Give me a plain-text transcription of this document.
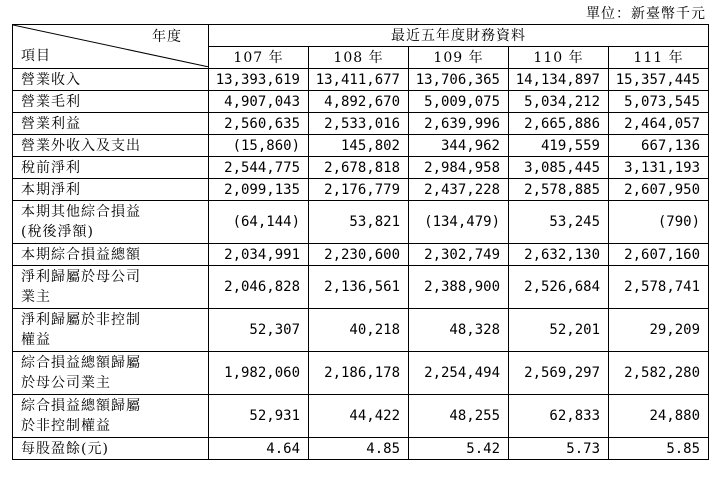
單位：新臺幣千元
年度
項目	最近五年度財務資料				
	107 年	108 年	109 年	110 年	111 年

營業收入	13,393,619	13,411,677	13,706,365	14,134,897	15,357,445

營業毛利	4,907,043	4,892,670	5,009,075	5,034,212	5,073,545

營業利益	2,560,635	2,533,016	2,639,996	2,665,886	2,464,057

營業外收入及支出	(15,860)	145,802	344,962	419,559	667,136

稅前淨利	2,544,775	2,678,818	2,984,958	3,085,445	3,131,193

本期淨利	2,099,135	2,176,779	2,437,228	2,578,885	2,607,950

本期其他綜合損益
(稅後淨額)	(64,144)	53,821	(134,479)	53,245	(790)

本期綜合損益總額	2,034,991	2,230,600	2,302,749	2,632,130	2,607,160

淨利歸屬於母公司
業主	2,046,828	2,136,561	2,388,900	2,526,684	2,578,741

淨利歸屬於非控制
權益	52,307	40,218	48,328	52,201	29,209

綜合損益總額歸屬
於母公司業主	1,982,060	2,186,178	2,254,494	2,569,297	2,582,280

綜合損益總額歸屬
於非控制權益	52,931	44,422	48,255	62,833	24,880

每股盈餘(元)	4.64	4.85	5.42	5.73	5.85
